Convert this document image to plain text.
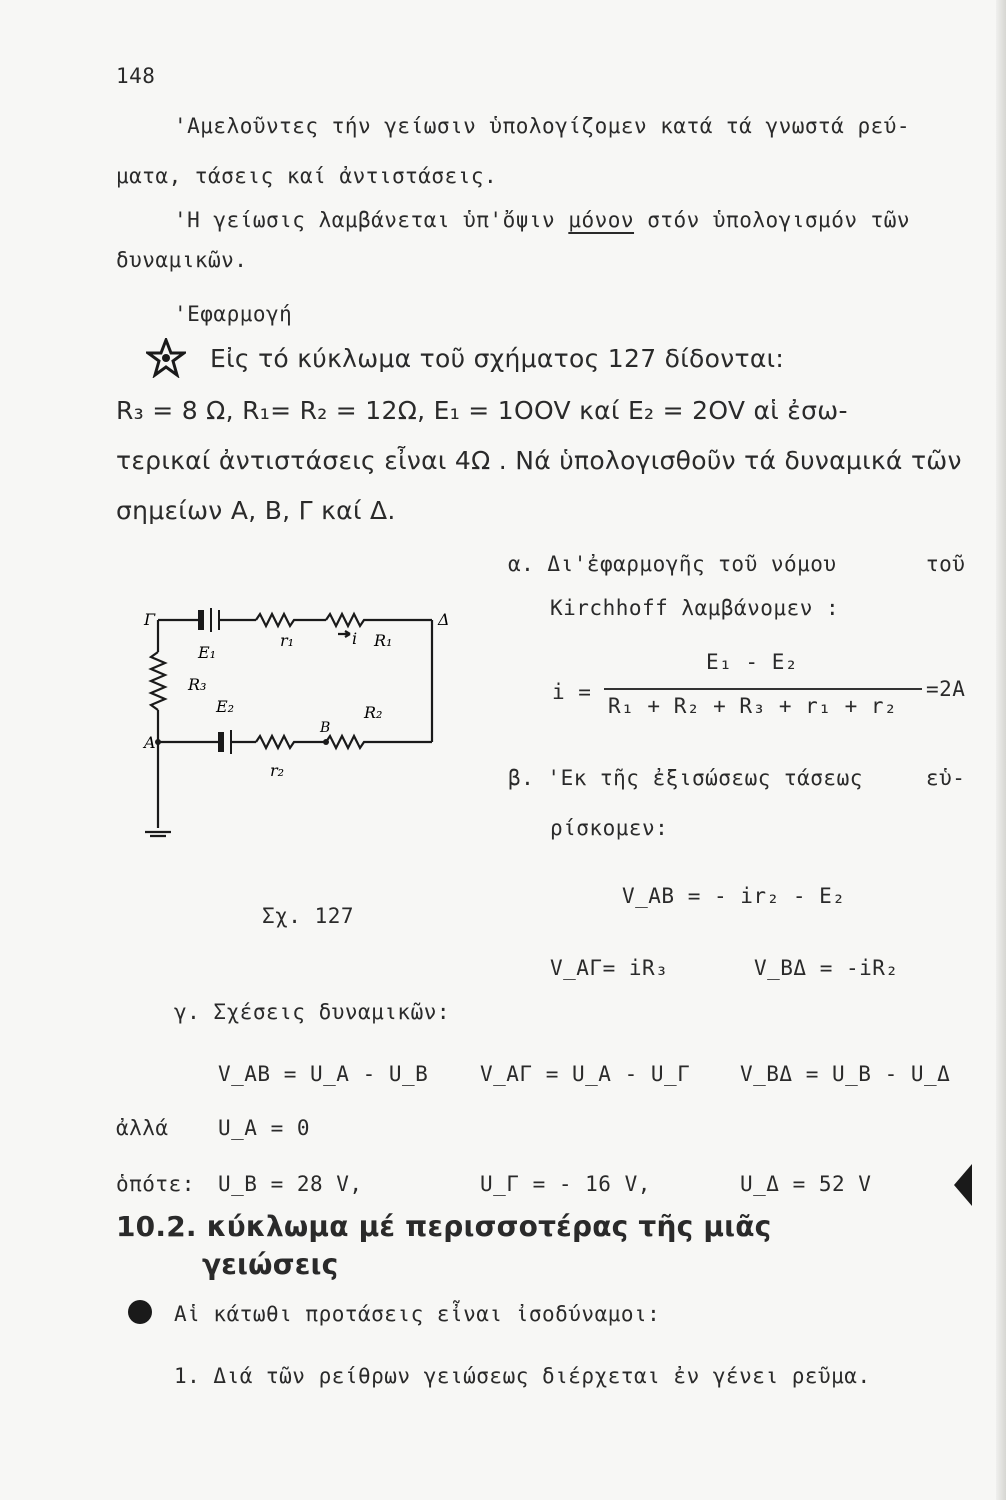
148
'Αμελοῦντες τήν γείωσιν ὑπολογίζομεν κατά τά γνωστά ρεύ-
ματα, τάσεις καί ἀντιστάσεις.
'Η γείωσις λαμβάνεται ὑπ'ὄψιν μόνον στόν ὑπολογισμόν τῶν
δυναμικῶν.
'Εφαρμογή
Εἰς τό κύκλωμα τοῦ σχήματος 127 δίδονται:
R₃ = 8 Ω, R₁= R₂ = 12Ω, E₁ = 1OOV καί E₂ = 2OV αἱ ἐσω-
τερικαί ἀντιστάσεις εἶναι 4Ω . Νά ὑπολογισθοῦν τά δυναμικά τῶν
σημείων A, B, Γ καί Δ.
Γ	Δ
A
B
E₁
R₃
E₂
r₁	i R₁
R₂
r₂
Σχ. 127
α. Δι'ἐφαρμογῆς τοῦ νόμου	τοῦ
Kirchhoff λαμβάνομεν :
E₁ - E₂
i =	=2A
R₁ + R₂ + R₃ + r₁ + r₂
β. 'Εκ τῆς ἐξισώσεως τάσεως	εὑ-
ρίσκομεν:
V_AB = - ir₂ - E₂
V_AΓ= iR₃	V_BΔ = -iR₂
γ. Σχέσεις δυναμικῶν:
V_AB = U_A - U_B V_AΓ = U_A - U_Γ V_BΔ = U_B - U_Δ
ἀλλά U_A = 0
ὁπότε: U_B = 28 V,	U_Γ = - 16 V,	U_Δ = 52 V
10.2. κύκλωμα μέ περισσοτέρας τῆς μιᾶς
γειώσεις
Αἱ κάτωθι προτάσεις εἶναι ἰσοδύναμοι:
1. Διά τῶν ρείθρων γειώσεως διέρχεται ἐν γένει ρεῦμα.
